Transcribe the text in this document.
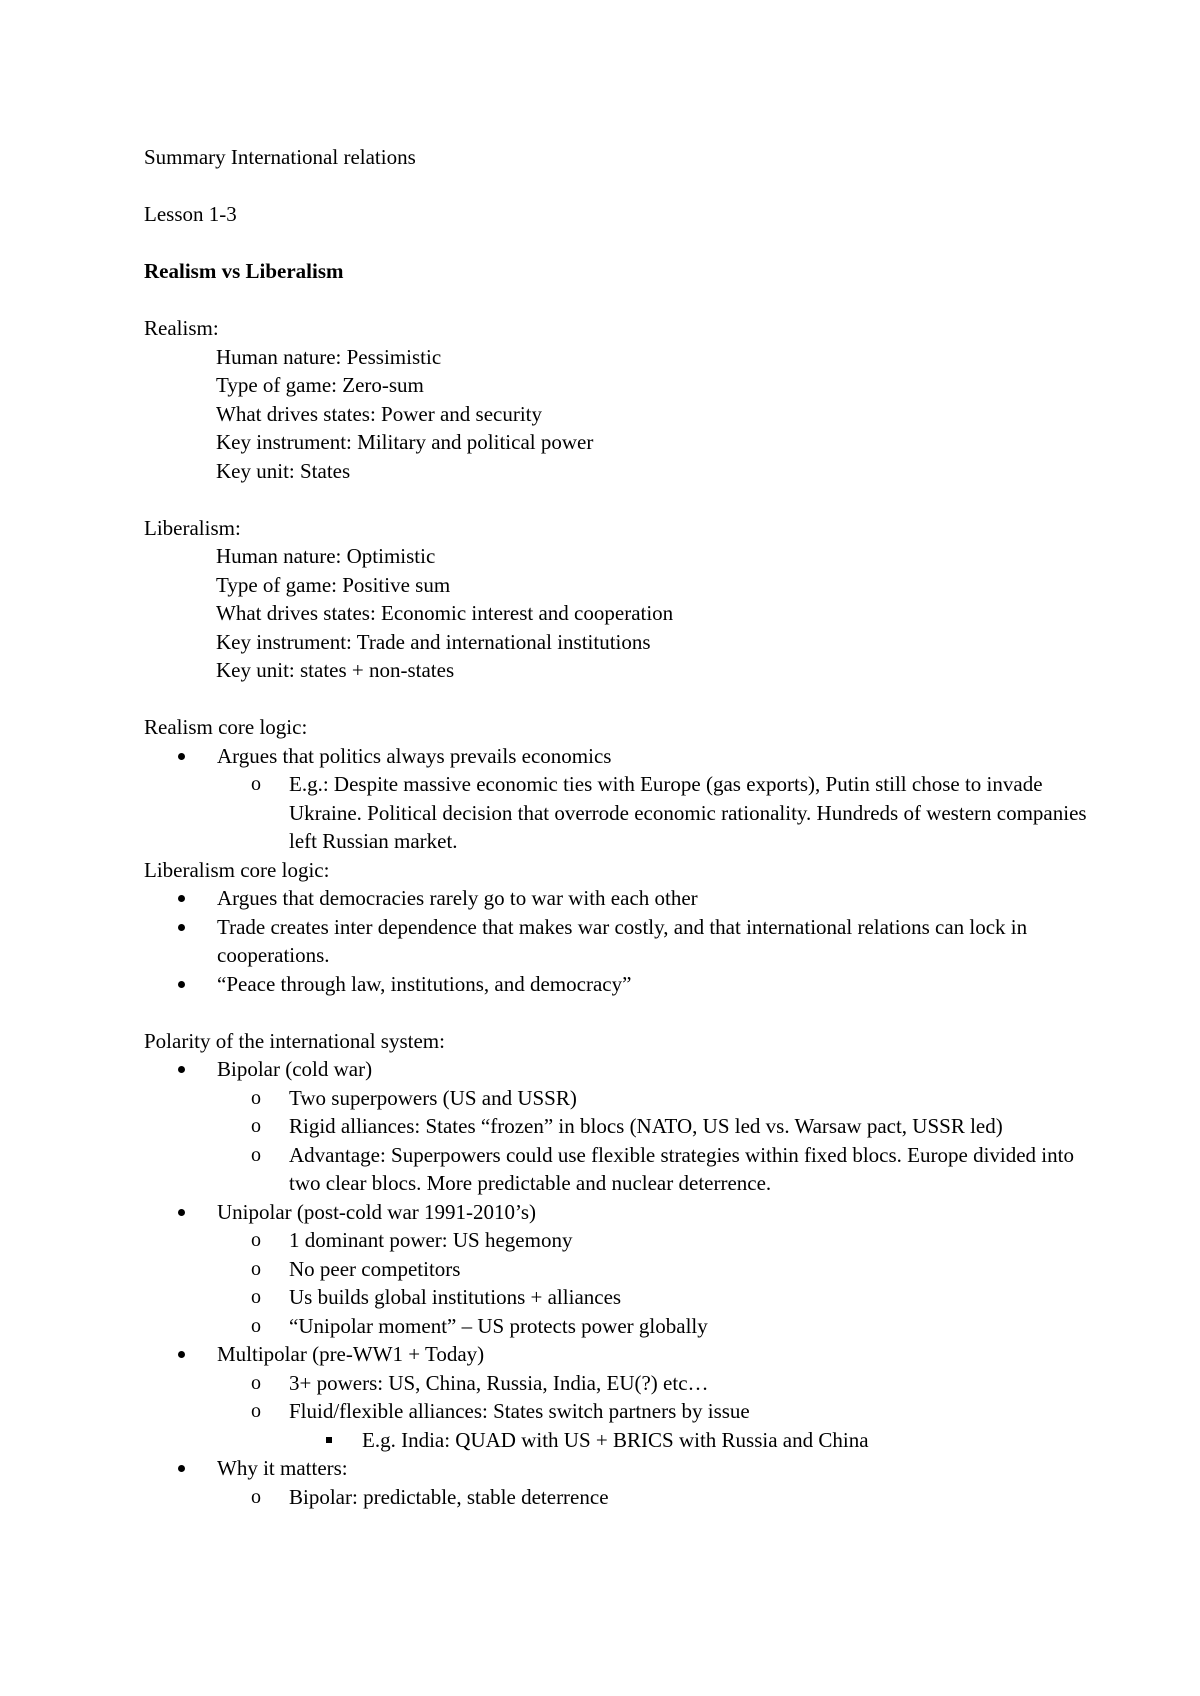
Summary International relations

Lesson 1-3

Realism vs Liberalism

Realism:

Human nature: Pessimistic

Type of game: Zero-sum

What drives states: Power and security

Key instrument: Military and political power

Key unit: States

Liberalism:

Human nature: Optimistic

Type of game: Positive sum

What drives states: Economic interest and cooperation

Key instrument: Trade and international institutions

Key unit: states + non-states

Realism core logic:

Argues that politics always prevails economics
o E.g.: Despite massive economic ties with Europe (gas exports), Putin still chose to invade Ukraine. Political decision that overrode economic rationality. Hundreds of western companies left Russian market.

Liberalism core logic:

Argues that democracies rarely go to war with each other
Trade creates inter dependence that makes war costly, and that international relations can lock in cooperations.
“Peace through law, institutions, and democracy”

Polarity of the international system:

Bipolar (cold war)
o Two superpowers (US and USSR)
o Rigid alliances: States “frozen” in blocs (NATO, US led vs. Warsaw pact, USSR led)
o Advantage: Superpowers could use flexible strategies within fixed blocs. Europe divided into two clear blocs. More predictable and nuclear deterrence.
Unipolar (post-cold war 1991-2010’s)
o 1 dominant power: US hegemony
o No peer competitors
o Us builds global institutions + alliances
o “Unipolar moment” – US protects power globally
Multipolar (pre-WW1 + Today)
o 3+ powers: US, China, Russia, India, EU(?) etc…
o Fluid/flexible alliances: States switch partners by issue
E.g. India: QUAD with US + BRICS with Russia and China
Why it matters:
o Bipolar: predictable, stable deterrence
